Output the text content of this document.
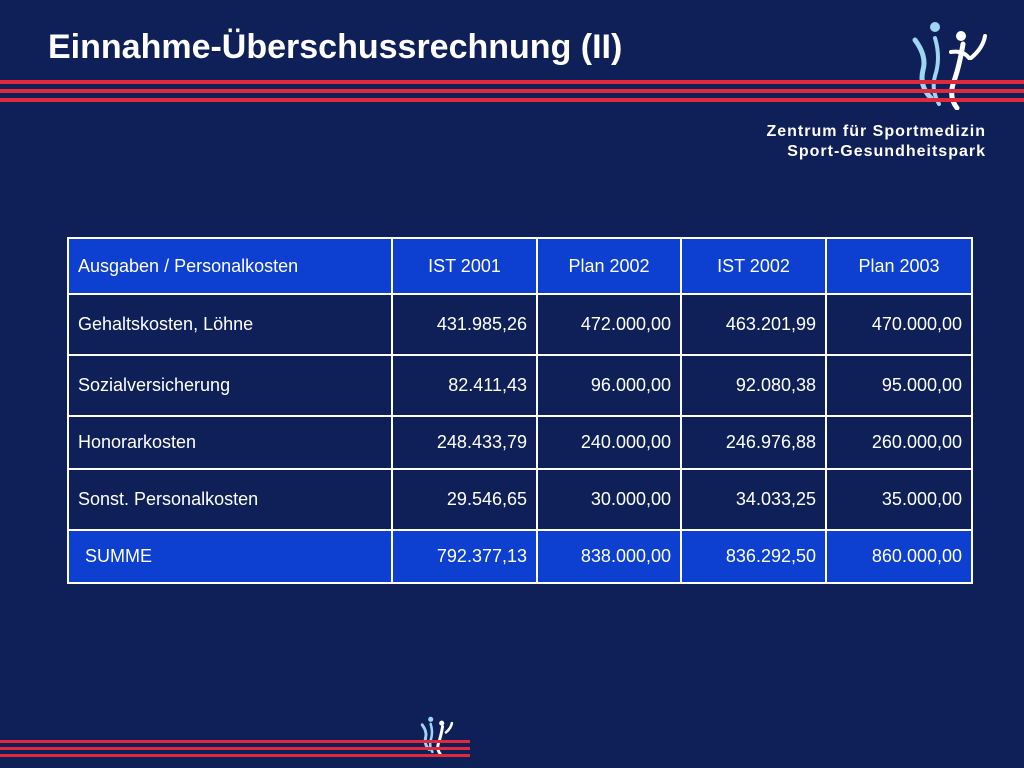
Einnahme-Überschussrechnung (II)
Zentrum für Sportmedizin
Sport-Gesundheitspark
Ausgaben / Personalkosten	IST 2001	Plan 2002	IST 2002	Plan 2003
Gehaltskosten, Löhne	431.985,26	472.000,00	463.201,99	470.000,00
Sozialversicherung	82.411,43	96.000,00	92.080,38	95.000,00
Honorarkosten	248.433,79	240.000,00	246.976,88	260.000,00
Sonst. Personalkosten	29.546,65	30.000,00	34.033,25	35.000,00
SUMME	792.377,13	838.000,00	836.292,50	860.000,00
